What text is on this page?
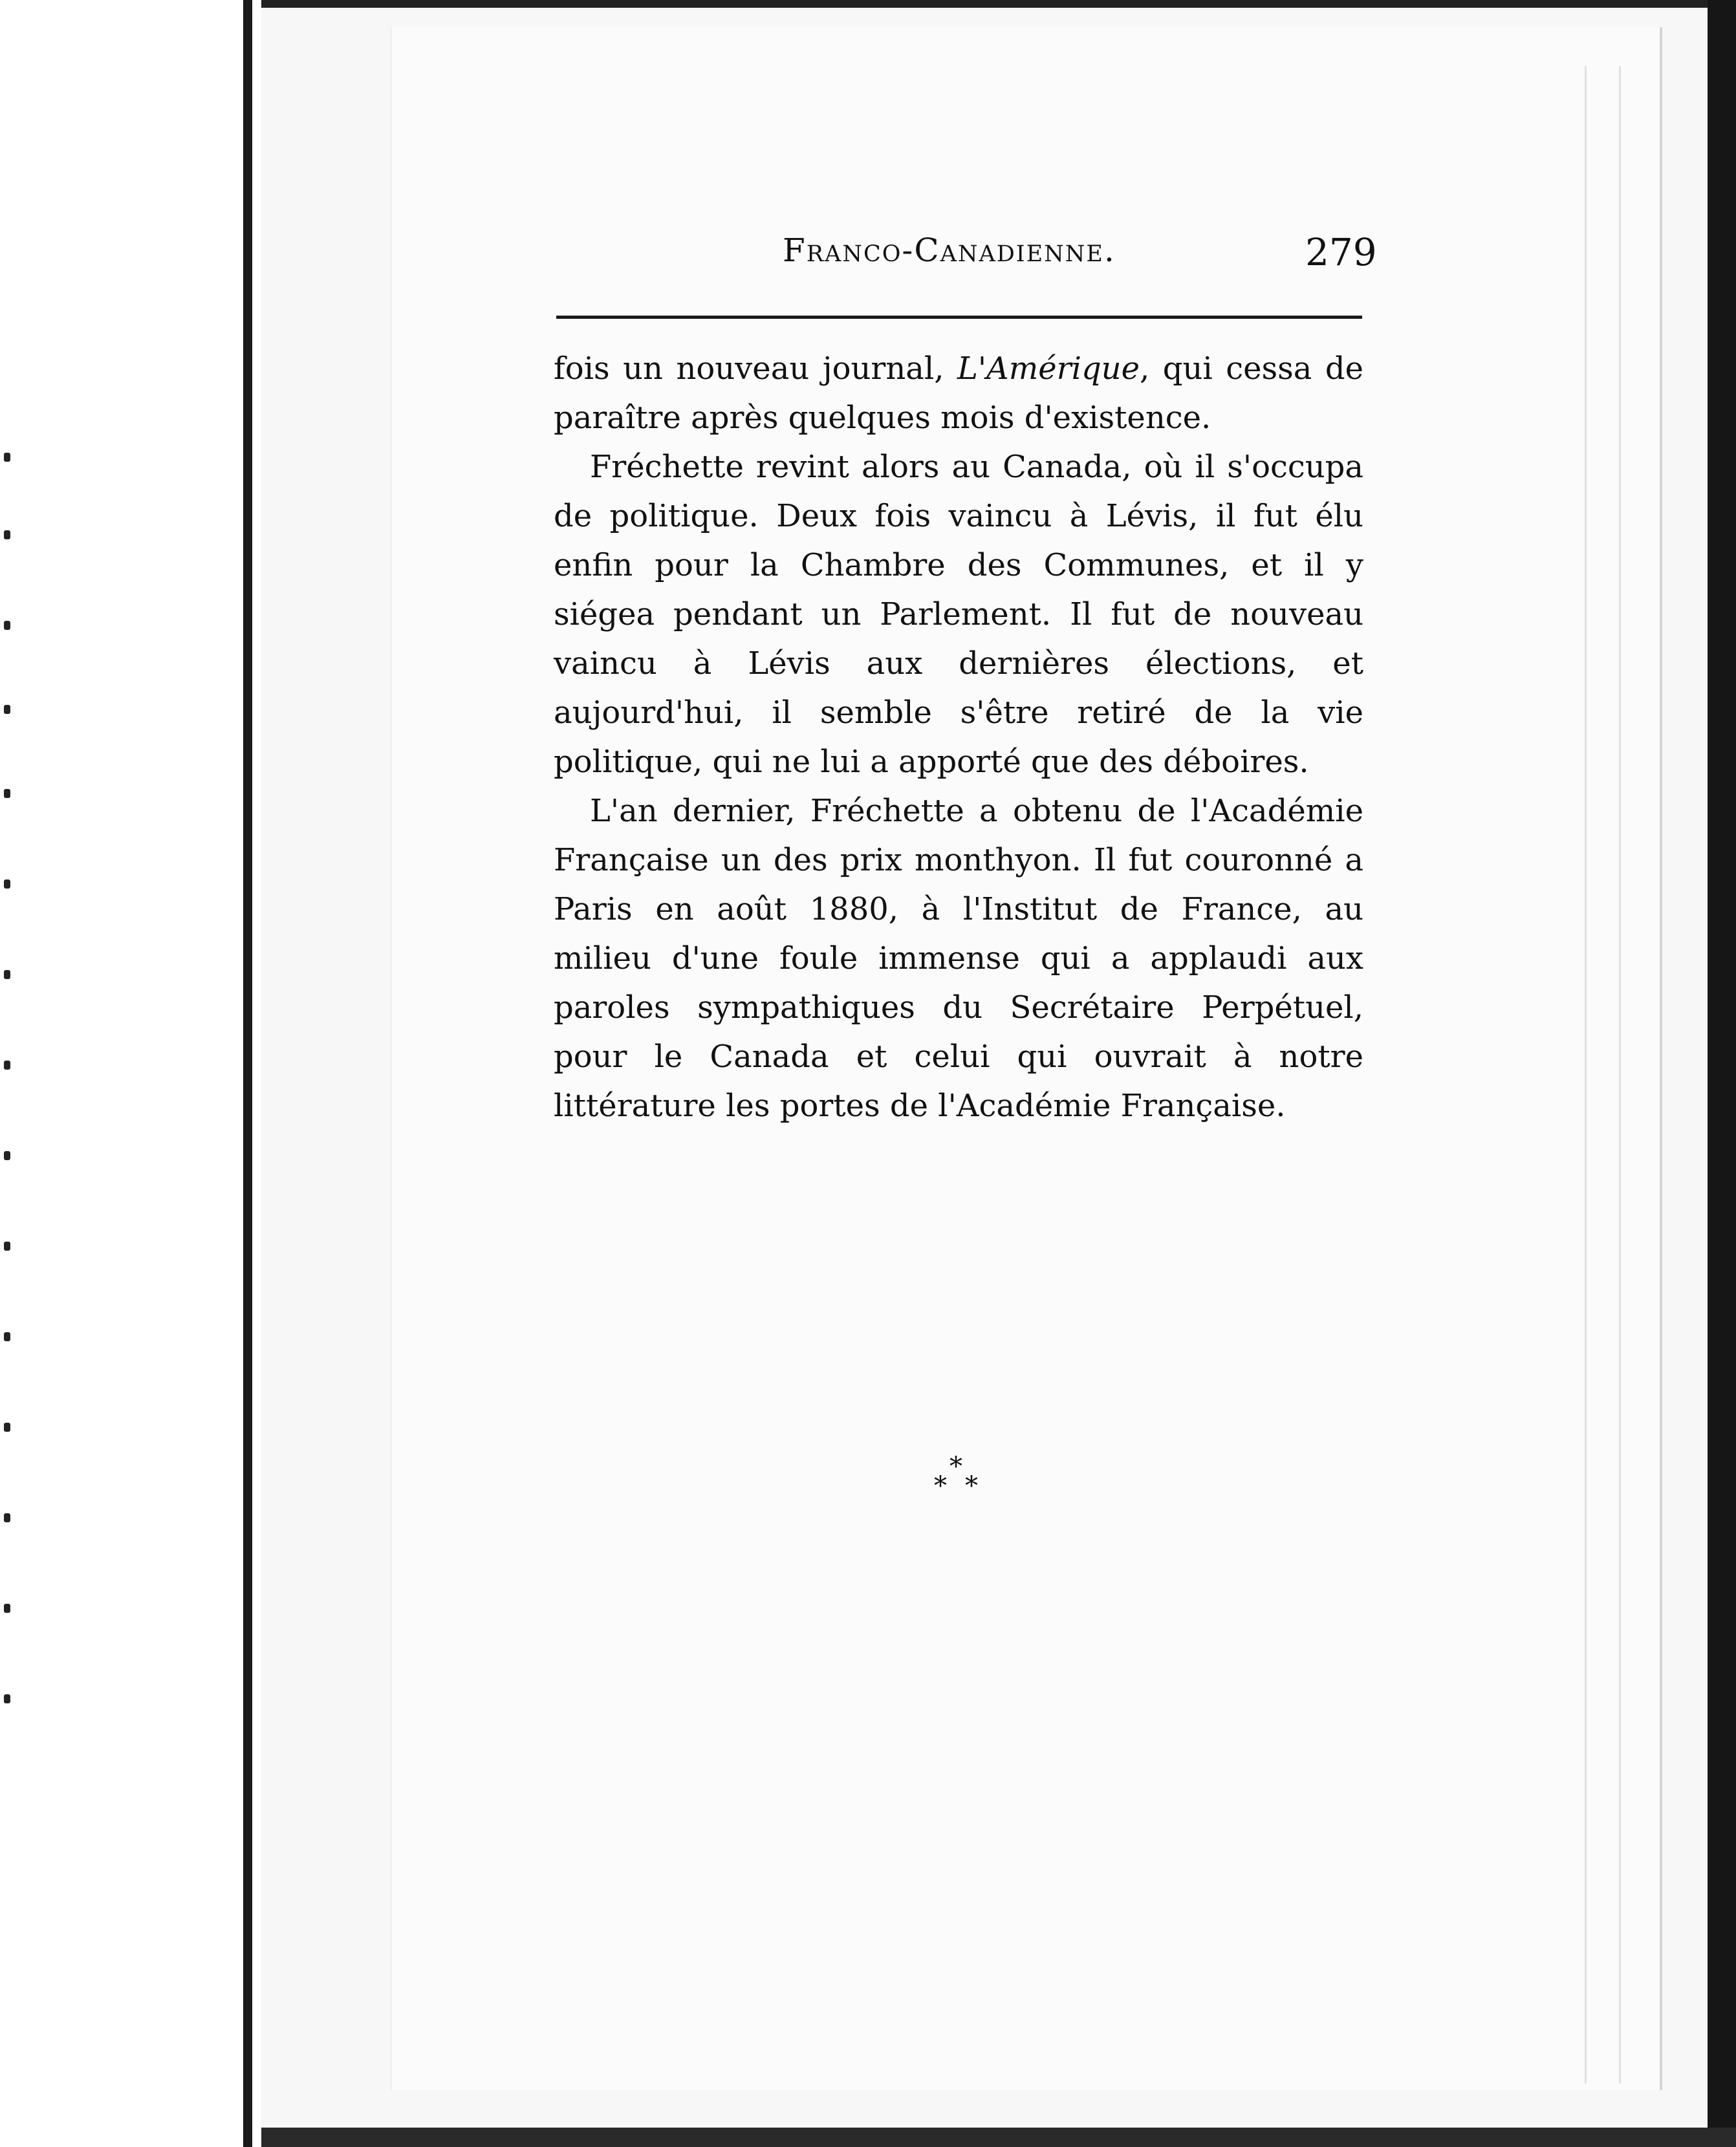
Franco-Canadienne.	279

fois un nouveau journal, L'Amérique, qui cessa de paraître après quelques mois d'existence.

Fréchette revint alors au Canada, où il s'occupa de politique. Deux fois vaincu à Lévis, il fut élu enfin pour la Chambre des Communes, et il y siégea pendant un Parlement. Il fut de nouveau vaincu à Lévis aux dernières élections, et aujourd'hui, il semble s'être retiré de la vie politique, qui ne lui a apporté que des déboires.

L'an dernier, Fréchette a obtenu de l'Académie Française un des prix monthyon. Il fut couronné a Paris en août 1880, à l'Institut de France, au milieu d'une foule immense qui a applaudi aux paroles sympathiques du Secrétaire Perpétuel, pour le Canada et celui qui ouvrait à notre littérature les portes de l'Académie Française.

*
* *
